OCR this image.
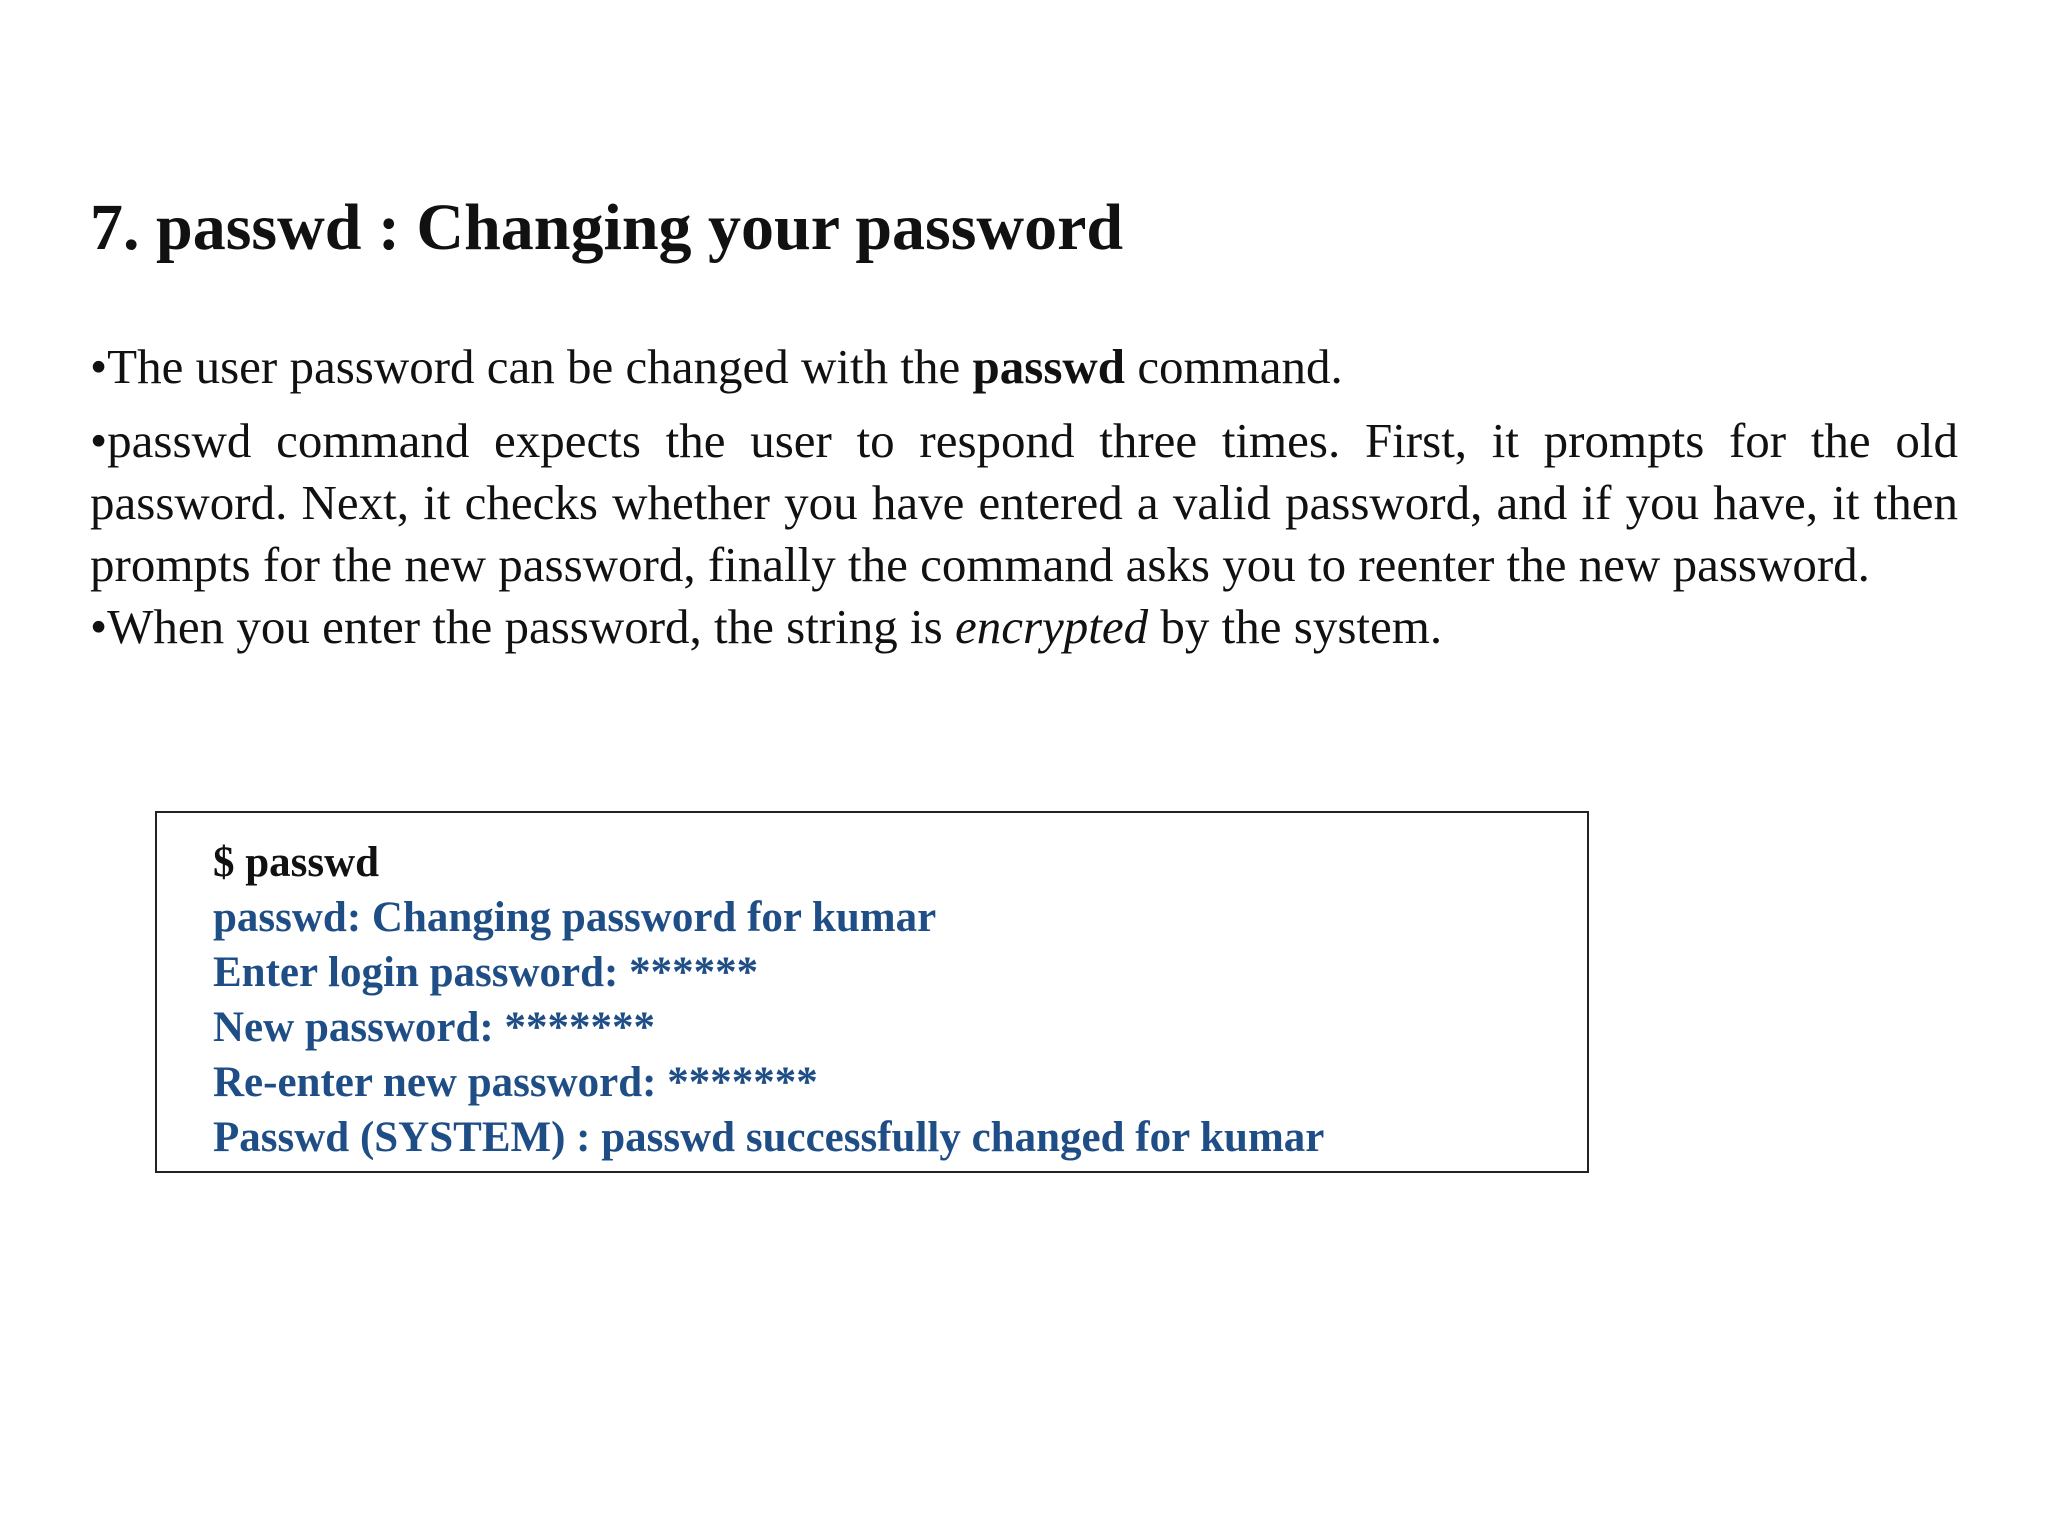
7. passwd : Changing your password

•The user password can be changed with the passwd command.

•passwd command expects the user to respond three times. First, it prompts for the old password. Next, it checks whether you have entered a valid password, and if you have, it then prompts for the new password, finally the command asks you to reenter the new password.

•When you enter the password, the string is encrypted by the system.

$ passwd

passwd: Changing password for kumar

Enter login password: ******

New password: *******

Re-enter new password: *******

Passwd (SYSTEM) : passwd successfully changed for kumar
